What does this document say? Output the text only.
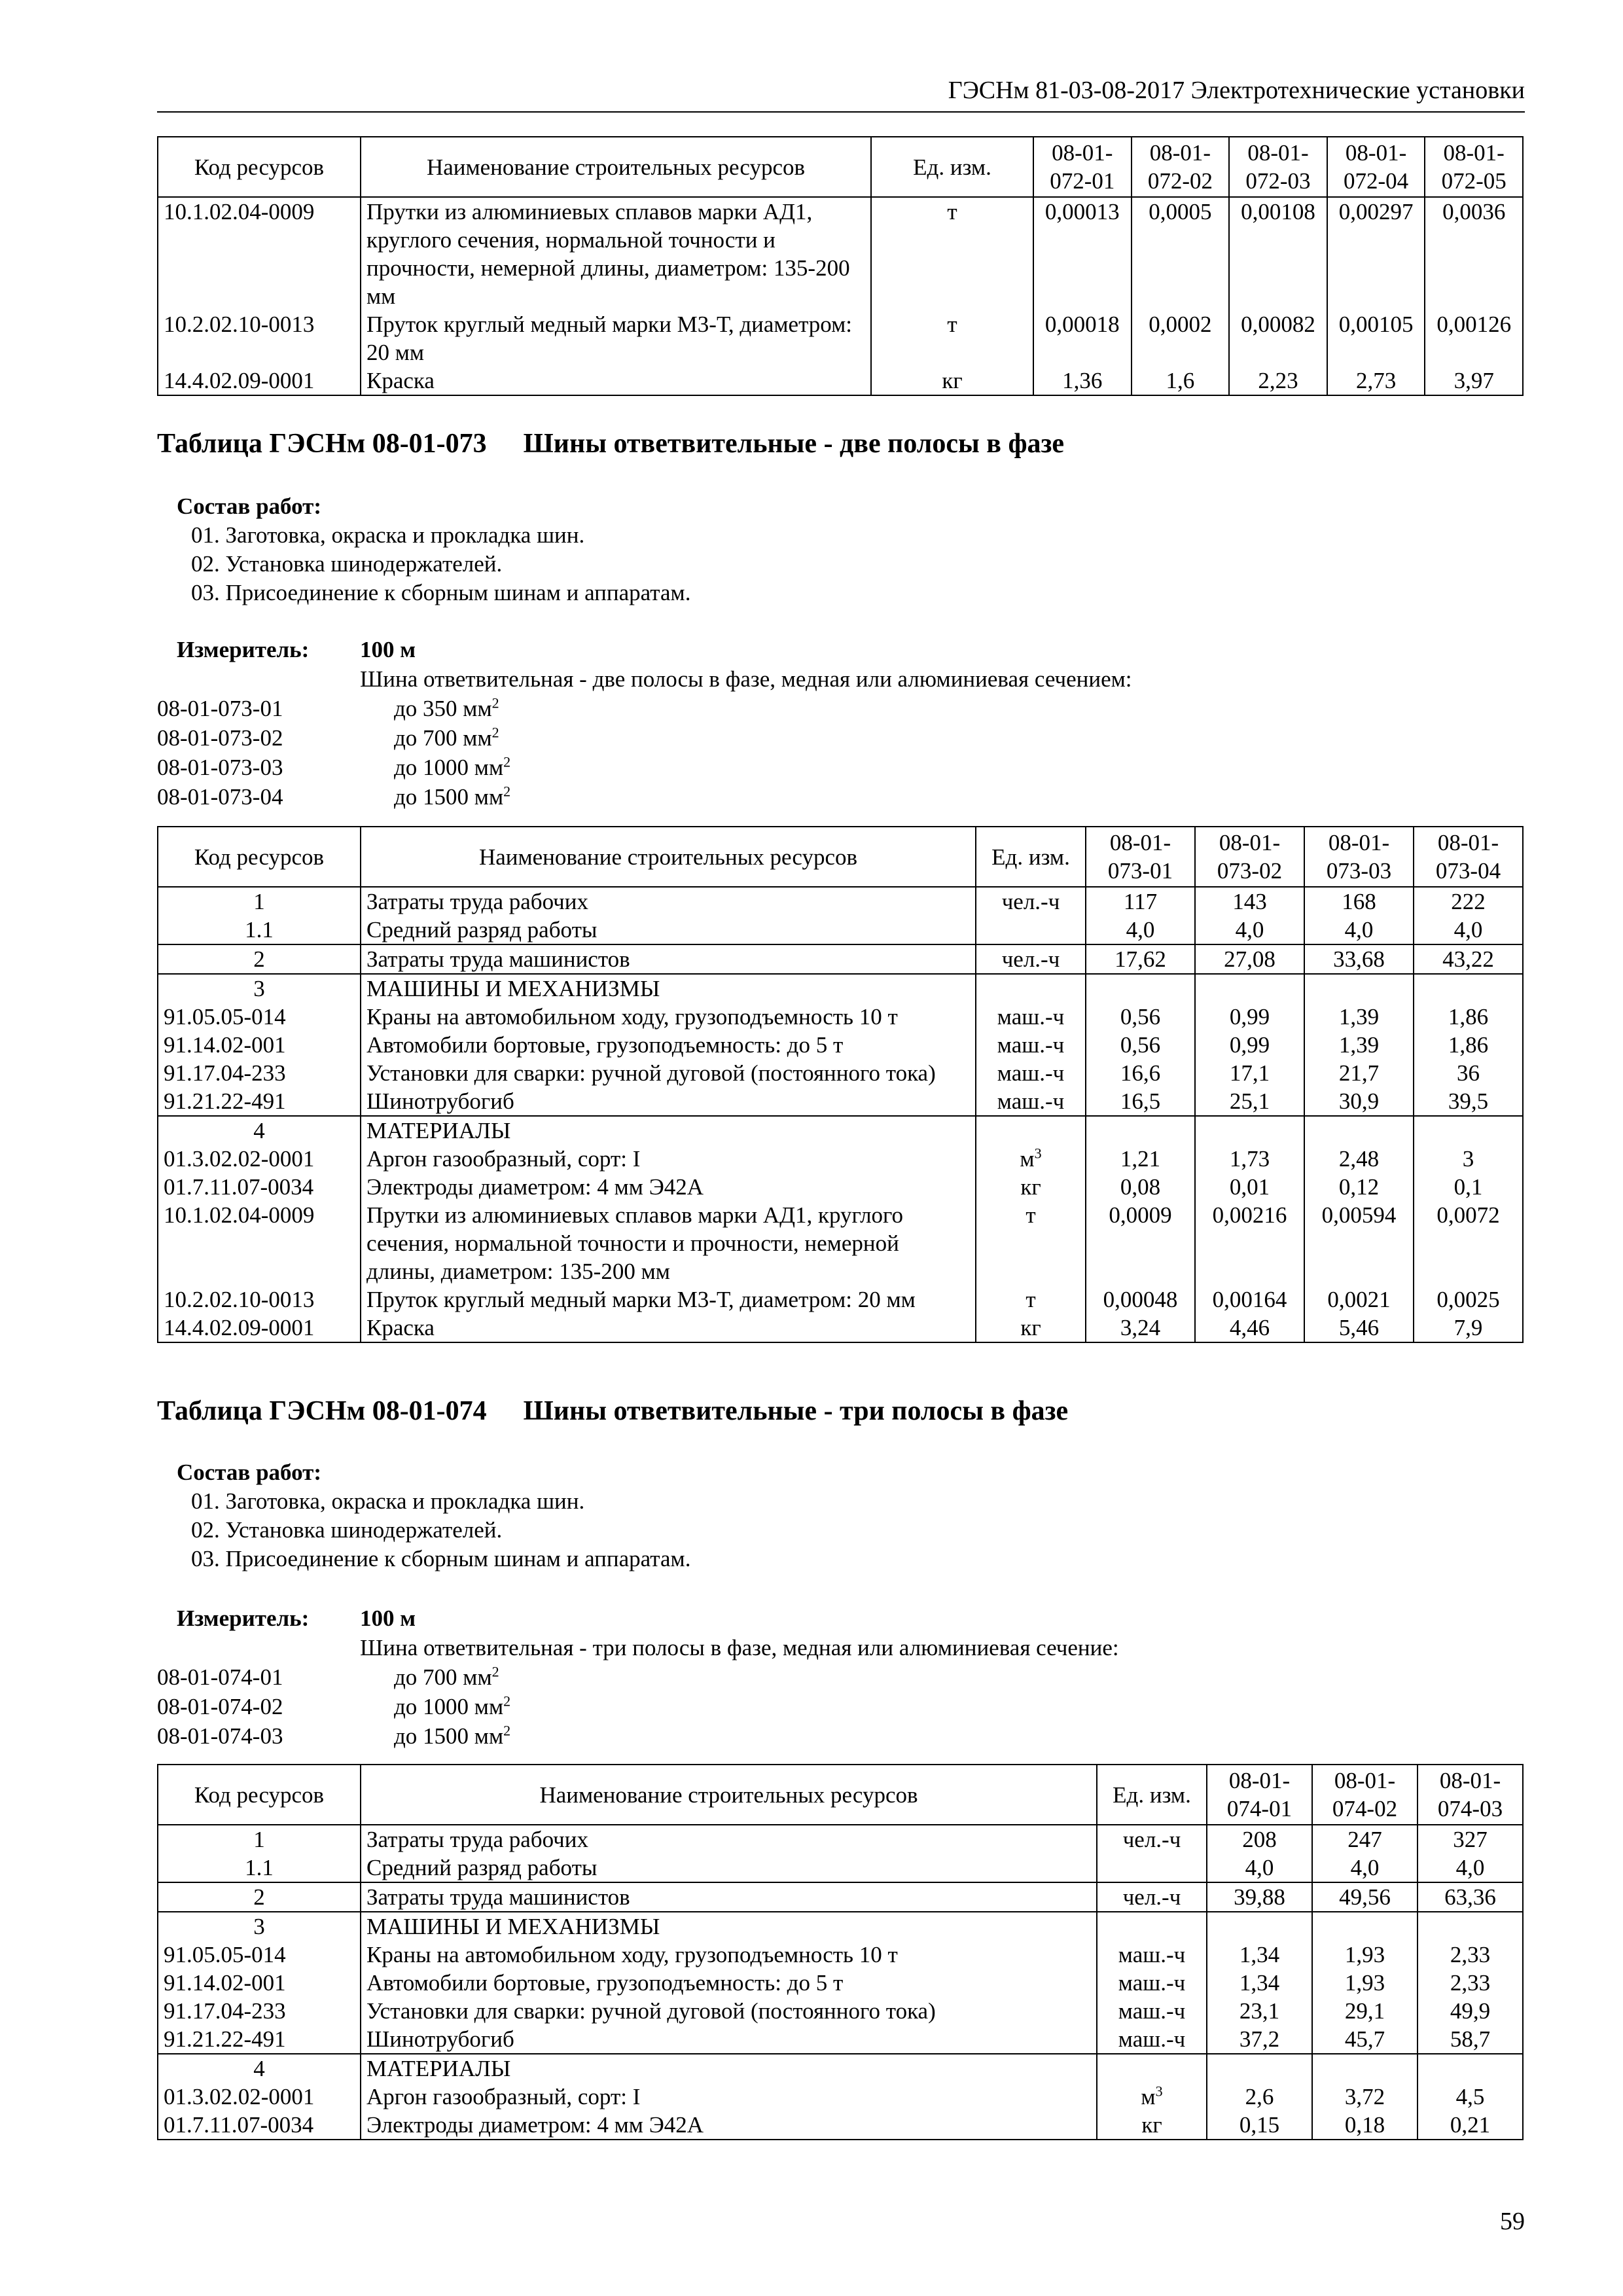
ГЭСНм 81-03-08-2017 Электротехнические установки
Код ресурсов	Наименование строительных ресурсов	Ед. изм.	08-01-072-01	08-01-072-02	08-01-072-03	08-01-072-04	08-01-072-05
10.1.02.04-0009	Прутки из алюминиевых сплавов марки АД1, круглого сечения, нормальной точности и прочности, немерной длины, диаметром: 135-200 мм	т	0,00013	0,0005	0,00108	0,00297	0,0036
10.2.02.10-0013	Пруток круглый медный марки М3-Т, диаметром: 20 мм	т	0,00018	0,0002	0,00082	0,00105	0,00126
14.4.02.09-0001	Краска	кг	1,36	1,6	2,23	2,73	3,97
Таблица ГЭСНм 08-01-073 Шины ответвительные - две полосы в фазе
Состав работ:
01. Заготовка, окраска и прокладка шин.
02. Установка шинодержателей.
03. Присоединение к сборным шинам и аппаратам.
Измеритель:	100 м
Шина ответвительная - две полосы в фазе, медная или алюминиевая сечением:
08-01-073-01	до 350 $мм^2$
08-01-073-02	до 700 $мм^2$
08-01-073-03	до 1000 $мм^2$
08-01-073-04	до 1500 $мм^2$
Код ресурсов	Наименование строительных ресурсов	Ед. изм.	08-01-073-01	08-01-073-02	08-01-073-03	08-01-073-04
1	Затраты труда рабочих	чел.-ч	117	143	168	222
1.1	Средний разряд работы		4,0	4,0	4,0	4,0
2	Затраты труда машинистов	чел.-ч	17,62	27,08	33,68	43,22
3	МАШИНЫ И МЕХАНИЗМЫ					
91.05.05-014	Краны на автомобильном ходу, грузоподъемность 10 т	маш.-ч	0,56	0,99	1,39	1,86
91.14.02-001	Автомобили бортовые, грузоподъемность: до 5 т	маш.-ч	0,56	0,99	1,39	1,86
91.17.04-233	Установки для сварки: ручной дуговой (постоянного тока)	маш.-ч	16,6	17,1	21,7	36
91.21.22-491	Шинотрубогиб	маш.-ч	16,5	25,1	30,9	39,5
4	МАТЕРИАЛЫ					
01.3.02.02-0001	Аргон газообразный, сорт: I	$м^3$	1,21	1,73	2,48	3
01.7.11.07-0034	Электроды диаметром: 4 мм Э42А	кг	0,08	0,01	0,12	0,1
10.1.02.04-0009	Прутки из алюминиевых сплавов марки АД1, круглого сечения, нормальной точности и прочности, немерной длины, диаметром: 135-200 мм	т	0,0009	0,00216	0,00594	0,0072
10.2.02.10-0013	Пруток круглый медный марки М3-Т, диаметром: 20 мм	т	0,00048	0,00164	0,0021	0,0025
14.4.02.09-0001	Краска	кг	3,24	4,46	5,46	7,9
Таблица ГЭСНм 08-01-074 Шины ответвительные - три полосы в фазе
Состав работ:
01. Заготовка, окраска и прокладка шин.
02. Установка шинодержателей.
03. Присоединение к сборным шинам и аппаратам.
Измеритель:	100 м
Шина ответвительная - три полосы в фазе, медная или алюминиевая сечение:
08-01-074-01	до 700 $мм^2$
08-01-074-02	до 1000 $мм^2$
08-01-074-03	до 1500 $мм^2$
Код ресурсов	Наименование строительных ресурсов	Ед. изм.	08-01-074-01	08-01-074-02	08-01-074-03
1	Затраты труда рабочих	чел.-ч	208	247	327
1.1	Средний разряд работы		4,0	4,0	4,0
2	Затраты труда машинистов	чел.-ч	39,88	49,56	63,36
3	МАШИНЫ И МЕХАНИЗМЫ				
91.05.05-014	Краны на автомобильном ходу, грузоподъемность 10 т	маш.-ч	1,34	1,93	2,33
91.14.02-001	Автомобили бортовые, грузоподъемность: до 5 т	маш.-ч	1,34	1,93	2,33
91.17.04-233	Установки для сварки: ручной дуговой (постоянного тока)	маш.-ч	23,1	29,1	49,9
91.21.22-491	Шинотрубогиб	маш.-ч	37,2	45,7	58,7
4	МАТЕРИАЛЫ				
01.3.02.02-0001	Аргон газообразный, сорт: I	$м^3$	2,6	3,72	4,5
01.7.11.07-0034	Электроды диаметром: 4 мм Э42А	кг	0,15	0,18	0,21
59
